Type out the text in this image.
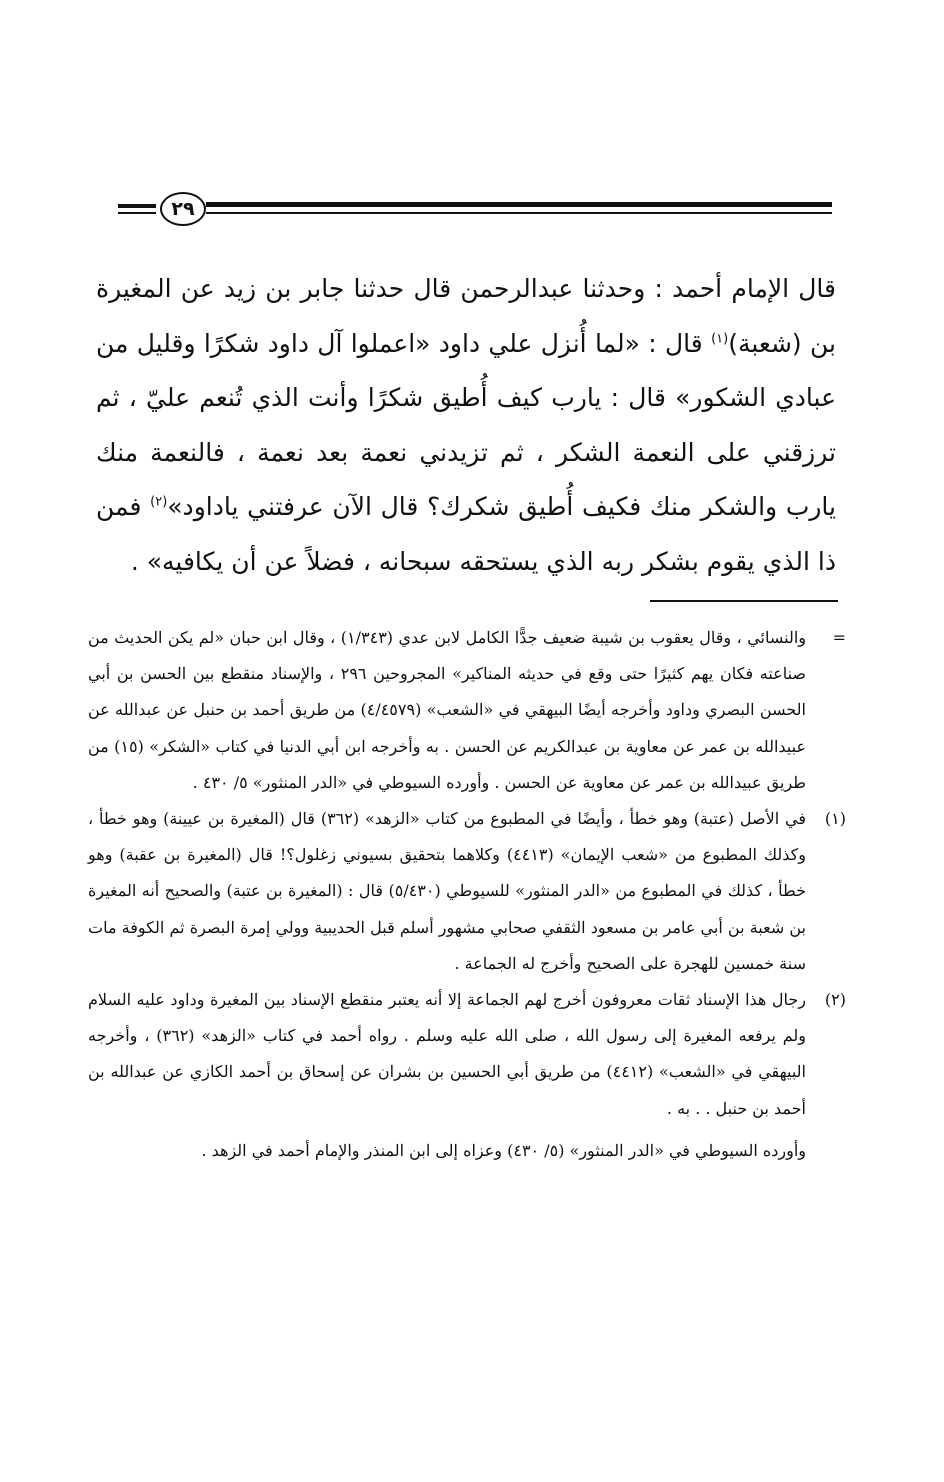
٢٩

قال الإمام أحمد : وحدثنا عبدالرحمن قال حدثنا جابر بن زيد عن المغيرة بن (شعبة)$^{(١)}$ قال : «لما أُنزل علي داود «اعملوا آل داود شكرًا وقليل من عبادي الشكور» قال : يارب كيف أُطيق شكرًا وأنت الذي تُنعم عليّ ، ثم ترزقني على النعمة الشكر ، ثم تزيدني نعمة بعد نعمة ، فالنعمة منك يارب والشكر منك فكيف أُطيق شكرك؟ قال الآن عرفتني ياداود»$^{(٢)}$ فمن ذا الذي يقوم بشكر ربه الذي يستحقه سبحانه ، فضلاً عن أن يكافيه» .

=
والنسائي ، وقال يعقوب بن شيبة ضعيف جدًّا الكامل لابن عدي (١/٣٤٣) ، وقال ابن حبان «لم يكن الحديث من صناعته فكان يهم كثيرًا حتى وقع في حديثه المناكير» المجروحين ٢٩٦ ، والإسناد منقطع بين الحسن بن أبي الحسن البصري وداود وأخرجه أيضًا البيهقي في «الشعب» (٤/٤٥٧٩) من طريق أحمد بن حنبل عن عبدالله عن عبيدالله بن عمر عن معاوية بن عبدالكريم عن الحسن . به وأخرجه ابن أبي الدنيا في كتاب «الشكر» (١٥) من طريق عبيدالله بن عمر عن معاوية عن الحسن . وأورده السيوطي في «الدر المنثور» ٥/ ٤٣٠ .
(١)
في الأصل (عتبة) وهو خطأ ، وأيضًا في المطبوع من كتاب «الزهد» (٣٦٢) قال (المغيرة بن عيينة) وهو خطأ ، وكذلك المطبوع من «شعب الإيمان» (٤٤١٣) وكلاهما بتحقيق بسيوني زغلول؟! قال (المغيرة بن عقبة) وهو خطأ ، كذلك في المطبوع من «الدر المنثور» للسيوطي (٥/٤٣٠) قال : (المغيرة بن عتبة) والصحيح أنه المغيرة بن شعبة بن أبي عامر بن مسعود الثقفي صحابي مشهور أسلم قبل الحديبية وولي إمرة البصرة ثم الكوفة مات سنة خمسين للهجرة على الصحيح وأخرج له الجماعة .
(٢)
رجال هذا الإسناد ثقات معروفون أخرج لهم الجماعة إلا أنه يعتبر منقطع الإسناد بين المغيرة وداود عليه السلام ولم يرفعه المغيرة إلى رسول الله ، صلى الله عليه وسلم . رواه أحمد في كتاب «الزهد» (٣٦٢) ، وأخرجه البيهقي في «الشعب» (٤٤١٢) من طريق أبي الحسين بن بشران عن إسحاق بن أحمد الكازي عن عبدالله بن أحمد بن حنبل . . به .
وأورده السيوطي في «الدر المنثور» (٥/ ٤٣٠) وعزاه إلى ابن المنذر والإمام أحمد في الزهد .
